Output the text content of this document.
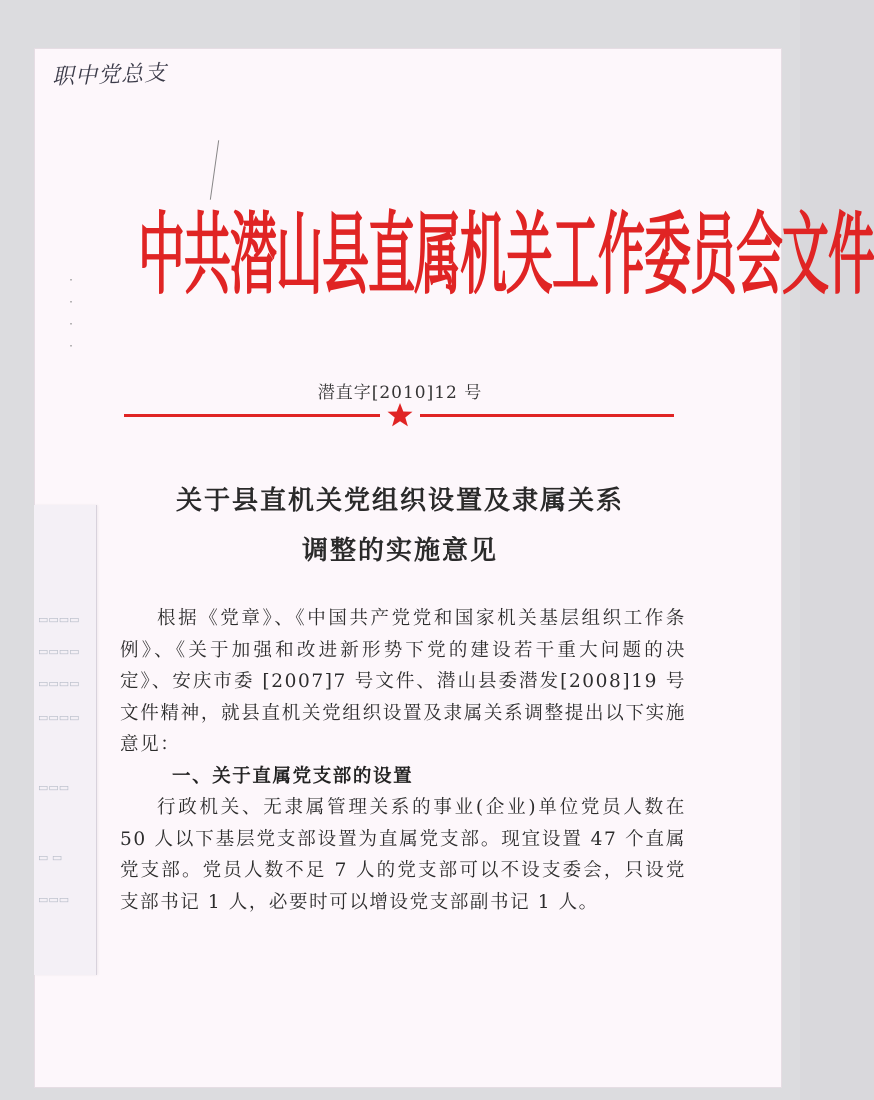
职中党总支
·
·
·
·
▭▭▭▭
▭▭▭▭
▭▭▭▭
▭▭▭▭
▭▭▭
▭ ▭
▭▭▭
中共潜山县直属机关工作委员会文件
潜直字[2010]12 号
关于县直机关党组织设置及隶属关系
调整的实施意见

根据《党章》、《中国共产党党和国家机关基层组织工作条例》、《关于加强和改进新形势下党的建设若干重大问题的决定》、安庆市委 [2007]7 号文件、潜山县委潜发[2008]19 号文件精神，就县直机关党组织设置及隶属关系调整提出以下实施意见：

一、关于直属党支部的设置

行政机关、无隶属管理关系的事业(企业)单位党员人数在 50 人以下基层党支部设置为直属党支部。现宜设置 47 个直属党支部。党员人数不足 7 人的党支部可以不设支委会，只设党支部书记 1 人，必要时可以增设党支部副书记 1 人。
